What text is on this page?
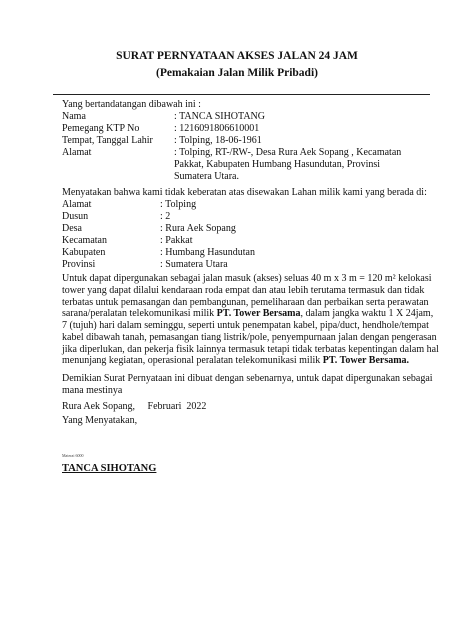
SURAT PERNYATAAN AKSES JALAN 24 JAM
(Pemakaian Jalan Milik Pribadi)
Yang bertandatangan dibawah ini :
Nama	: TANCA SIHOTANG
Pemegang KTP No	: 1216091806610001
Tempat, Tanggal Lahir : Tolping, 18-06-1961
Alamat	: Tolping, RT-/RW-, Desa Rura Aek Sopang , Kecamatan
Pakkat, Kabupaten Humbang Hasundutan, Provinsi
Sumatera Utara.
Menyatakan bahwa kami tidak keberatan atas disewakan Lahan milik kami yang berada di:
Alamat	: Tolping
Dusun	: 2
Desa	: Rura Aek Sopang
Kecamatan	: Pakkat
Kabupaten	: Humbang Hasundutan
Provinsi	: Sumatera Utara
Untuk dapat dipergunakan sebagai jalan masuk (akses) seluas 40 m x 3 m = 120 m² kelokasi
tower yang dapat dilalui kendaraan roda empat dan atau lebih terutama termasuk dan tidak
terbatas untuk pemasangan dan pembangunan, pemeliharaan dan perbaikan serta perawatan
sarana/peralatan telekomunikasi milik PT. Tower Bersama, dalam jangka waktu 1 X 24jam,
7 (tujuh) hari dalam seminggu, seperti untuk penempatan kabel, pipa/duct, hendhole/tempat
kabel dibawah tanah, pemasangan tiang listrik/pole, penyempurnaan jalan dengan pengerasan
jika diperlukan, dan pekerja fisik lainnya termasuk tetapi tidak terbatas kepentingan dalam hal
menunjang kegiatan, operasional peralatan telekomunikasi milik PT. Tower Bersama.
Demikian Surat Pernyataan ini dibuat dengan sebenarnya, untuk dapat dipergunakan sebagai
mana mestinya
Rura Aek Sopang,     Februari  2022
Yang Menyatakan,
Materai 6000
TANCA SIHOTANG
